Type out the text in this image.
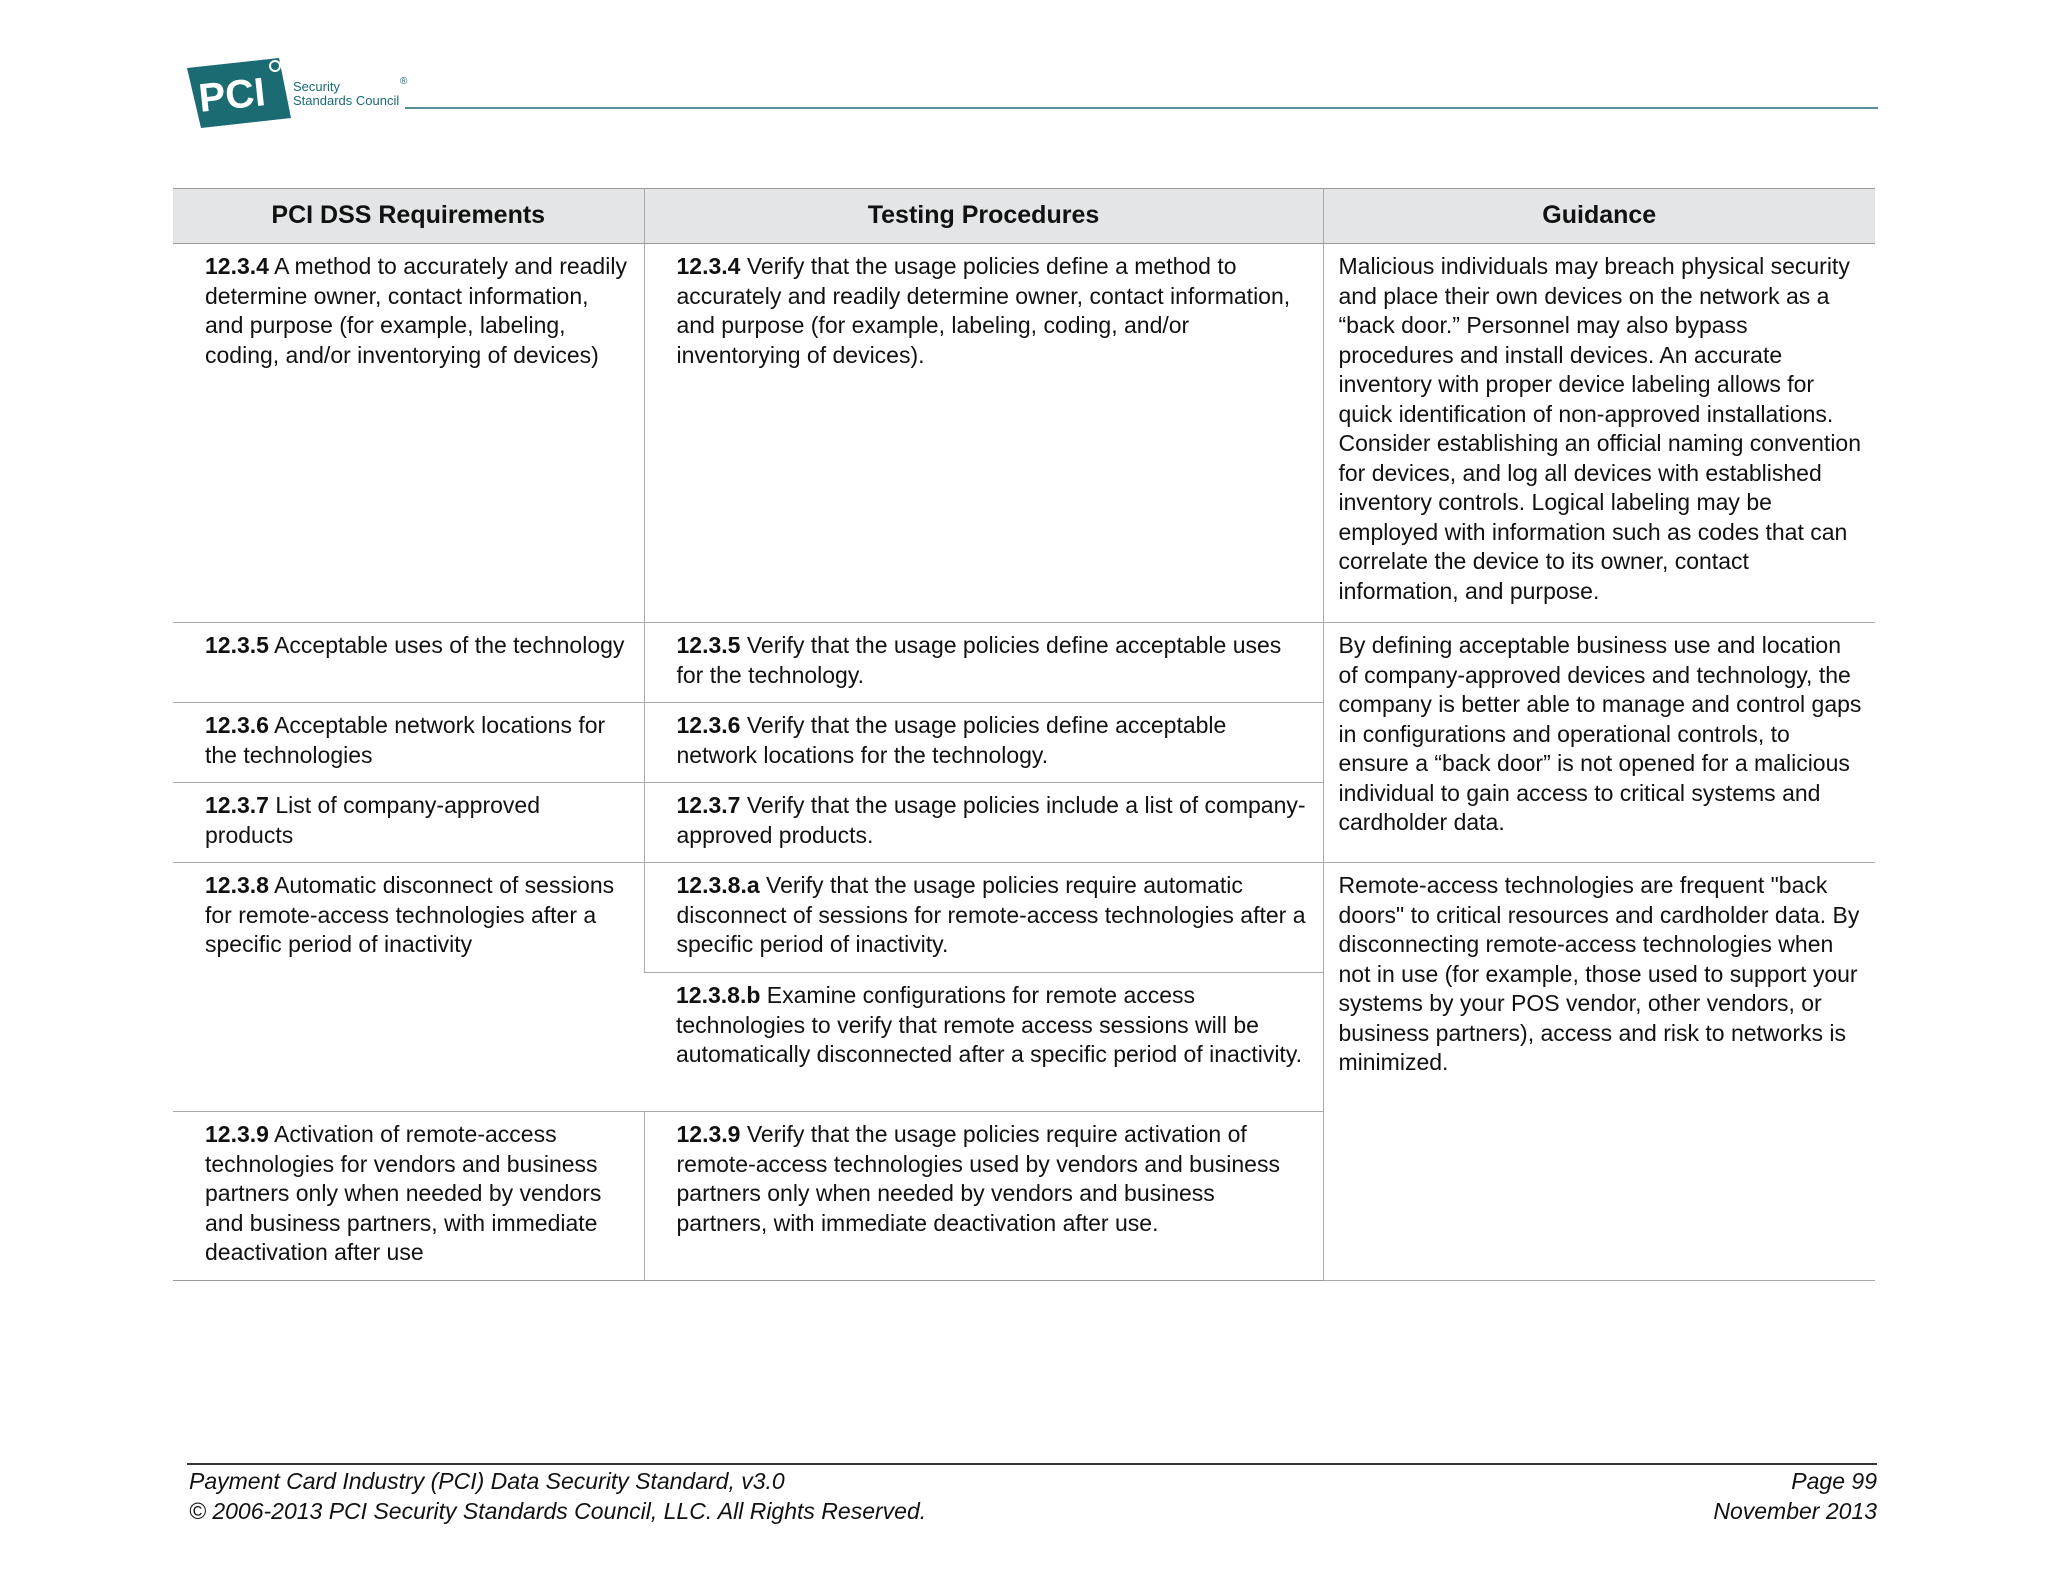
PCI Security
Standards Council
®
PCI DSS Requirements	Testing Procedures	Guidance
12.3.4 A method to accurately and readily determine owner, contact information, and purpose (for example, labeling, coding, and/or inventorying of devices)	12.3.4 Verify that the usage policies define a method to accurately and readily determine owner, contact information, and purpose (for example, labeling, coding, and/or inventorying of devices).	Malicious individuals may breach physical security and place their own devices on the network as a “back door.” Personnel may also bypass procedures and install devices. An accurate inventory with proper device labeling allows for quick identification of non-approved installations. Consider establishing an official naming convention for devices, and log all devices with established inventory controls. Logical labeling may be employed with information such as codes that can correlate the device to its owner, contact information, and purpose.
12.3.5 Acceptable uses of the technology	12.3.5 Verify that the usage policies define acceptable uses for the technology.	By defining acceptable business use and location of company-approved devices and technology, the company is better able to manage and control gaps in configurations and operational controls, to ensure a “back door” is not opened for a malicious individual to gain access to critical systems and cardholder data.
12.3.6 Acceptable network locations for the technologies	12.3.6 Verify that the usage policies define acceptable network locations for the technology.	
12.3.7 List of company-approved products	12.3.7 Verify that the usage policies include a list of company-approved products.	
12.3.8 Automatic disconnect of sessions for remote-access technologies after a specific period of inactivity	12.3.8.a Verify that the usage policies require automatic disconnect of sessions for remote-access technologies after a specific period of inactivity.	Remote-access technologies are frequent "back doors" to critical resources and cardholder data. By disconnecting remote-access technologies when not in use (for example, those used to support your systems by your POS vendor, other vendors, or business partners), access and risk to networks is minimized.
	12.3.8.b Examine configurations for remote access technologies to verify that remote access sessions will be automatically disconnected after a specific period of inactivity.	
12.3.9 Activation of remote-access technologies for vendors and business partners only when needed by vendors and business partners, with immediate deactivation after use	12.3.9 Verify that the usage policies require activation of remote-access technologies used by vendors and business partners only when needed by vendors and business partners, with immediate deactivation after use.	
Payment Card Industry (PCI) Data Security Standard, v3.0
© 2006-2013 PCI Security Standards Council, LLC. All Rights Reserved.
Page 99
November 2013
